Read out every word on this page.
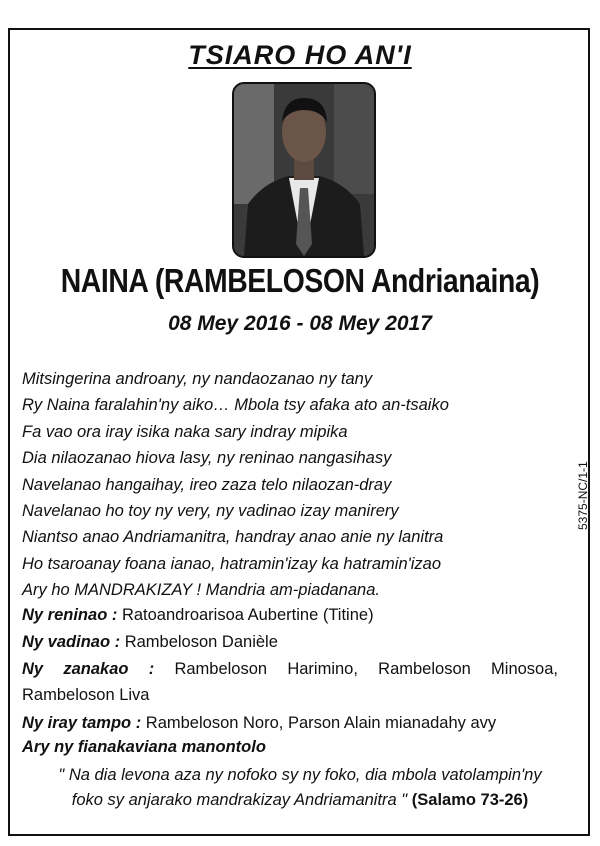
TSIARO HO AN'I
NAINA (RAMBELOSON Andrianaina)
08 Mey 2016 - 08 Mey 2017
Mitsingerina androany, ny nandaozanao ny tany
Ry Naina faralahin'ny aiko… Mbola tsy afaka ato an-tsaiko
Fa vao ora iray isika naka sary indray mipika
Dia nilaozanao hiova lasy, ny reninao nangasihasy
Navelanao hangaihay, ireo zaza telo nilaozan-dray
Navelanao ho toy ny very, ny vadinao izay manirery
Niantso anao Andriamanitra, handray anao anie ny lanitra
Ho tsaroanay foana ianao, hatramin'izay ka hatramin'izao
Ary ho MANDRAKIZAY ! Mandria am-piadanana.
Ny reninao : Ratoandroarisoa Aubertine (Titine)
Ny vadinao : Rambeloson Danièle
Ny zanakao : Rambeloson Harimino, Rambeloson Minosoa,
Rambeloson Liva
Ny iray tampo : Rambeloson Noro, Parson Alain mianadahy avy
Ary ny fianakaviana manontolo
" Na dia levona aza ny nofoko sy ny foko, dia mbola vatolampin'ny
foko sy anjarako mandrakizay Andriamanitra " (Salamo 73-26)
5375-NC/1-1
